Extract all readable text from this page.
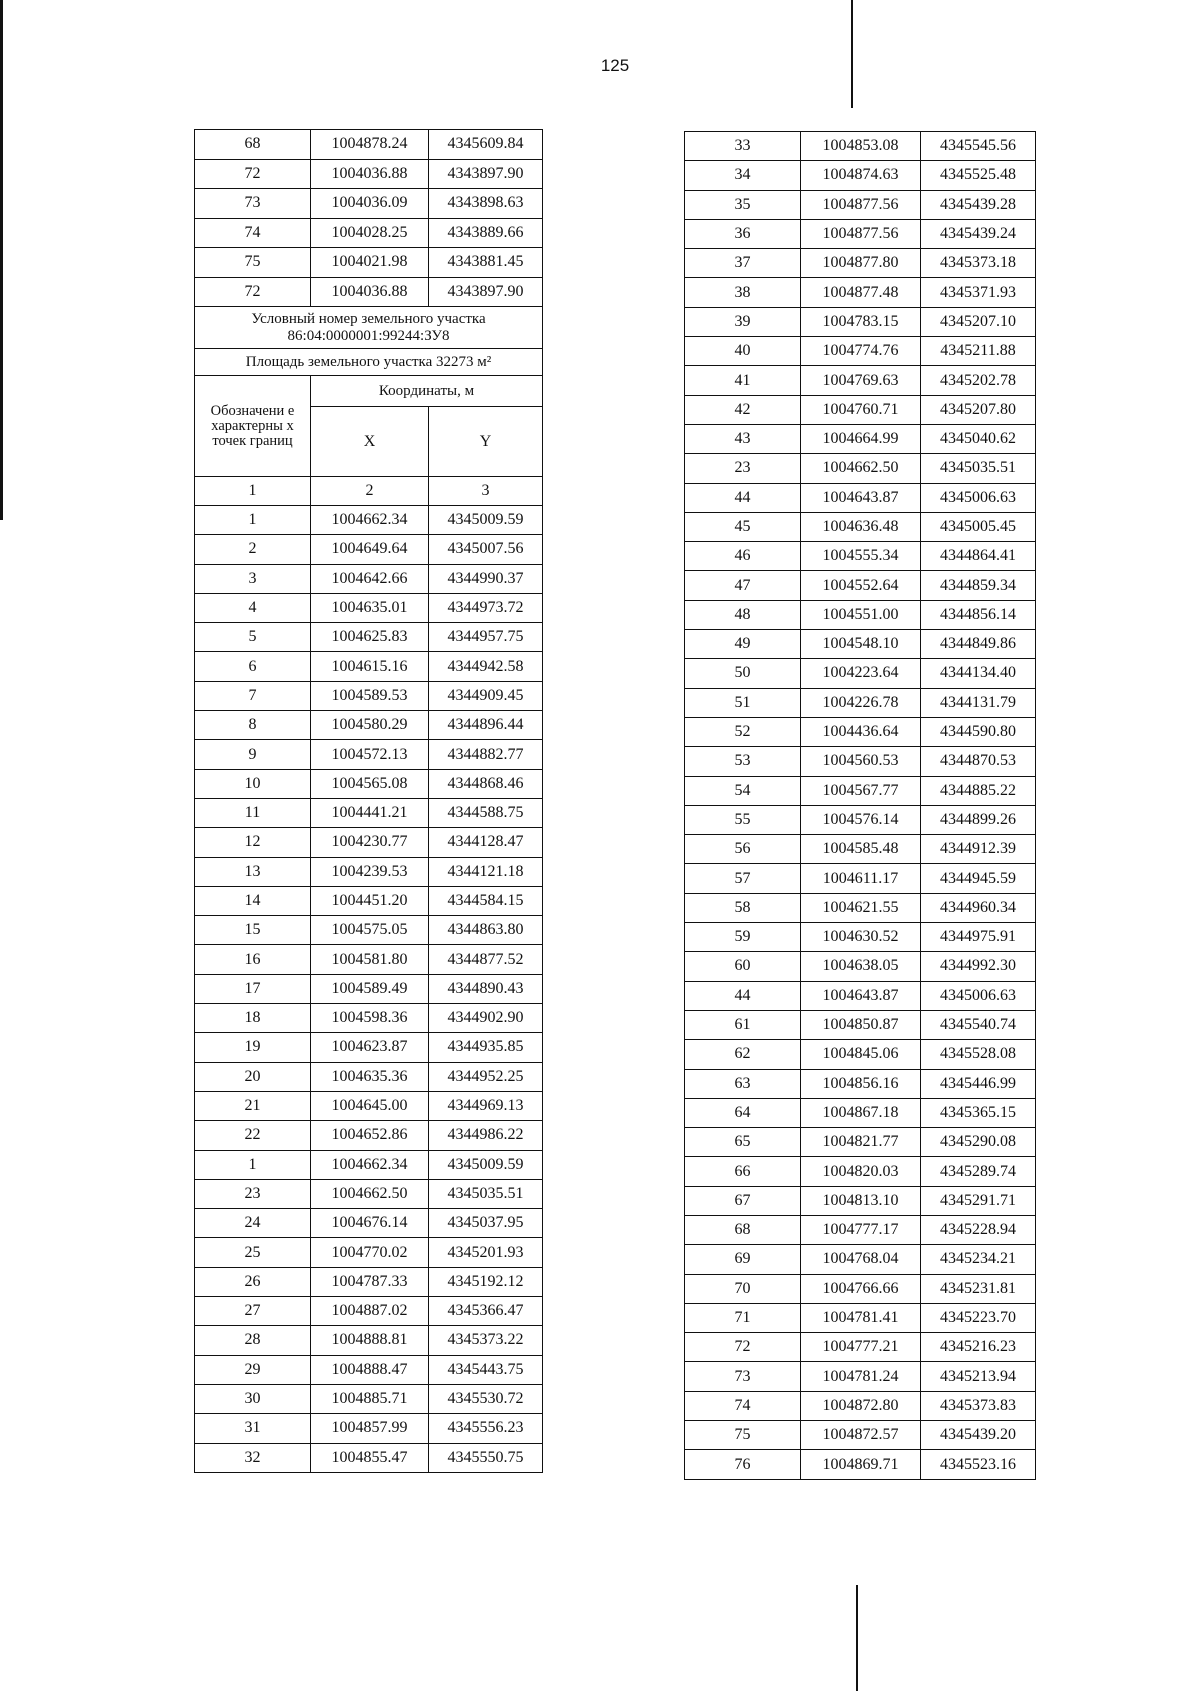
125
68	1004878.24	4345609.84
72	1004036.88	4343897.90
73	1004036.09	4343898.63
74	1004028.25	4343889.66
75	1004021.98	4343881.45
72	1004036.88	4343897.90

Условный номер земельного участка
86:04:0000001:99244:ЗУ8		

Площадь земельного участка 32273 м²		
Обозначени е характерны х точек границ	Координаты, м	
	X	Y
1	2	3
1	1004662.34	4345009.59
2	1004649.64	4345007.56
3	1004642.66	4344990.37
4	1004635.01	4344973.72
5	1004625.83	4344957.75
6	1004615.16	4344942.58
7	1004589.53	4344909.45
8	1004580.29	4344896.44
9	1004572.13	4344882.77
10	1004565.08	4344868.46
11	1004441.21	4344588.75
12	1004230.77	4344128.47
13	1004239.53	4344121.18
14	1004451.20	4344584.15
15	1004575.05	4344863.80
16	1004581.80	4344877.52
17	1004589.49	4344890.43
18	1004598.36	4344902.90
19	1004623.87	4344935.85
20	1004635.36	4344952.25
21	1004645.00	4344969.13
22	1004652.86	4344986.22
1	1004662.34	4345009.59
23	1004662.50	4345035.51
24	1004676.14	4345037.95
25	1004770.02	4345201.93
26	1004787.33	4345192.12
27	1004887.02	4345366.47
28	1004888.81	4345373.22
29	1004888.47	4345443.75
30	1004885.71	4345530.72
31	1004857.99	4345556.23
32	1004855.47	4345550.75
33	1004853.08	4345545.56
34	1004874.63	4345525.48
35	1004877.56	4345439.28
36	1004877.56	4345439.24
37	1004877.80	4345373.18
38	1004877.48	4345371.93
39	1004783.15	4345207.10
40	1004774.76	4345211.88
41	1004769.63	4345202.78
42	1004760.71	4345207.80
43	1004664.99	4345040.62
23	1004662.50	4345035.51
44	1004643.87	4345006.63
45	1004636.48	4345005.45
46	1004555.34	4344864.41
47	1004552.64	4344859.34
48	1004551.00	4344856.14
49	1004548.10	4344849.86
50	1004223.64	4344134.40
51	1004226.78	4344131.79
52	1004436.64	4344590.80
53	1004560.53	4344870.53
54	1004567.77	4344885.22
55	1004576.14	4344899.26
56	1004585.48	4344912.39
57	1004611.17	4344945.59
58	1004621.55	4344960.34
59	1004630.52	4344975.91
60	1004638.05	4344992.30
44	1004643.87	4345006.63
61	1004850.87	4345540.74
62	1004845.06	4345528.08
63	1004856.16	4345446.99
64	1004867.18	4345365.15
65	1004821.77	4345290.08
66	1004820.03	4345289.74
67	1004813.10	4345291.71
68	1004777.17	4345228.94
69	1004768.04	4345234.21
70	1004766.66	4345231.81
71	1004781.41	4345223.70
72	1004777.21	4345216.23
73	1004781.24	4345213.94
74	1004872.80	4345373.83
75	1004872.57	4345439.20
76	1004869.71	4345523.16
